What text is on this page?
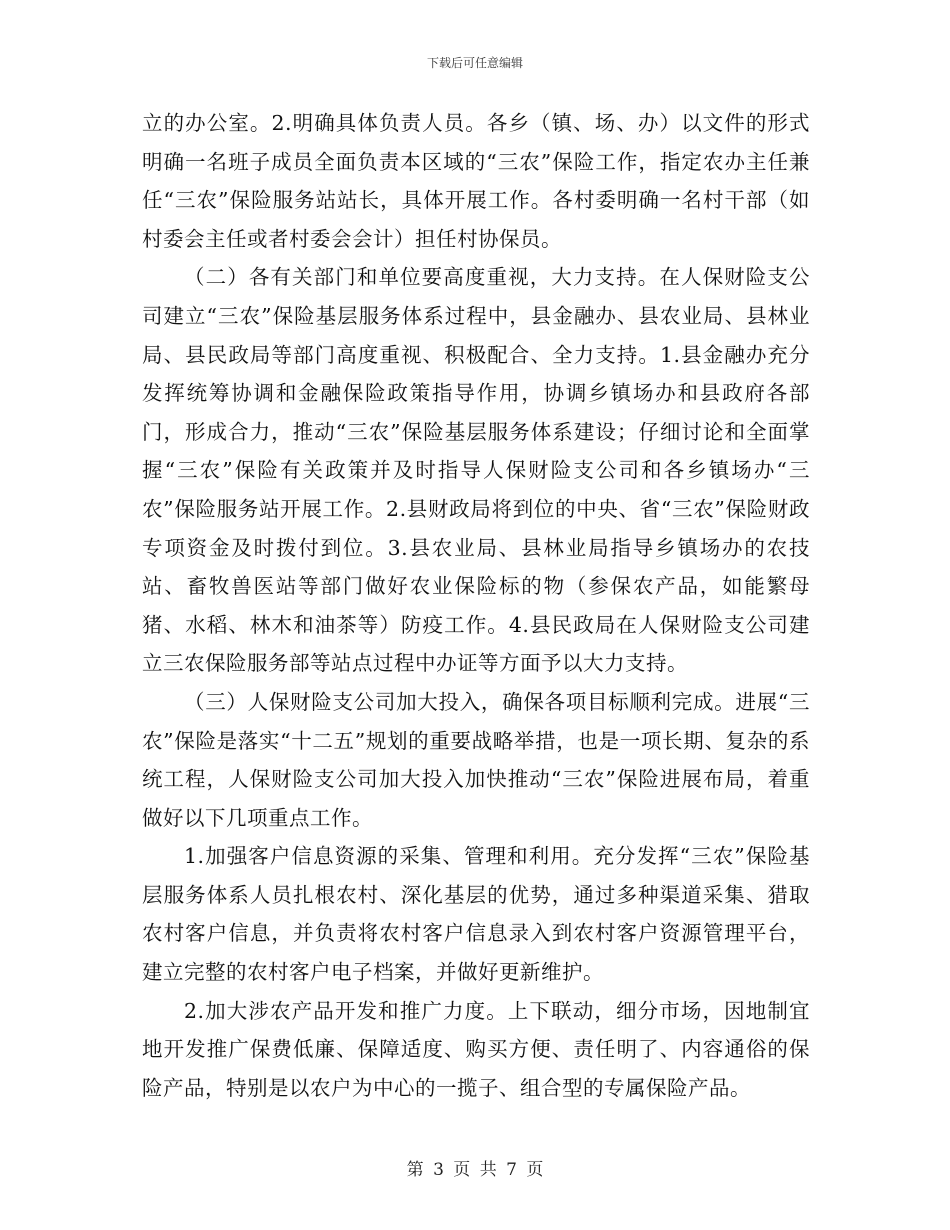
下载后可任意编辑

立的办公室。2.明确具体负责人员。各乡（镇、场、办）以文件的形式明确一名班子成员全面负责本区域的“三农”保险工作，指定农办主任兼任“三农”保险服务站站长，具体开展工作。各村委明确一名村干部（如村委会主任或者村委会会计）担任村协保员。

（二）各有关部门和单位要高度重视，大力支持。在人保财险支公司建立“三农”保险基层服务体系过程中，县金融办、县农业局、县林业局、县民政局等部门高度重视、积极配合、全力支持。1.县金融办充分发挥统筹协调和金融保险政策指导作用，协调乡镇场办和县政府各部门，形成合力，推动“三农”保险基层服务体系建设；仔细讨论和全面掌握“三农”保险有关政策并及时指导人保财险支公司和各乡镇场办“三农”保险服务站开展工作。2.县财政局将到位的中央、省“三农”保险财政专项资金及时拨付到位。3.县农业局、县林业局指导乡镇场办的农技站、畜牧兽医站等部门做好农业保险标的物（参保农产品，如能繁母猪、水稻、林木和油茶等）防疫工作。4.县民政局在人保财险支公司建立三农保险服务部等站点过程中办证等方面予以大力支持。

（三）人保财险支公司加大投入，确保各项目标顺利完成。进展“三农”保险是落实“十二五”规划的重要战略举措，也是一项长期、复杂的系统工程，人保财险支公司加大投入加快推动“三农”保险进展布局，着重做好以下几项重点工作。

1.加强客户信息资源的采集、管理和利用。充分发挥“三农”保险基层服务体系人员扎根农村、深化基层的优势，通过多种渠道采集、猎取农村客户信息，并负责将农村客户信息录入到农村客户资源管理平台，建立完整的农村客户电子档案，并做好更新维护。

2.加大涉农产品开发和推广力度。上下联动，细分市场，因地制宜地开发推广保费低廉、保障适度、购买方便、责任明了、内容通俗的保险产品，特别是以农户为中心的一揽子、组合型的专属保险产品。

第 3 页 共 7 页
